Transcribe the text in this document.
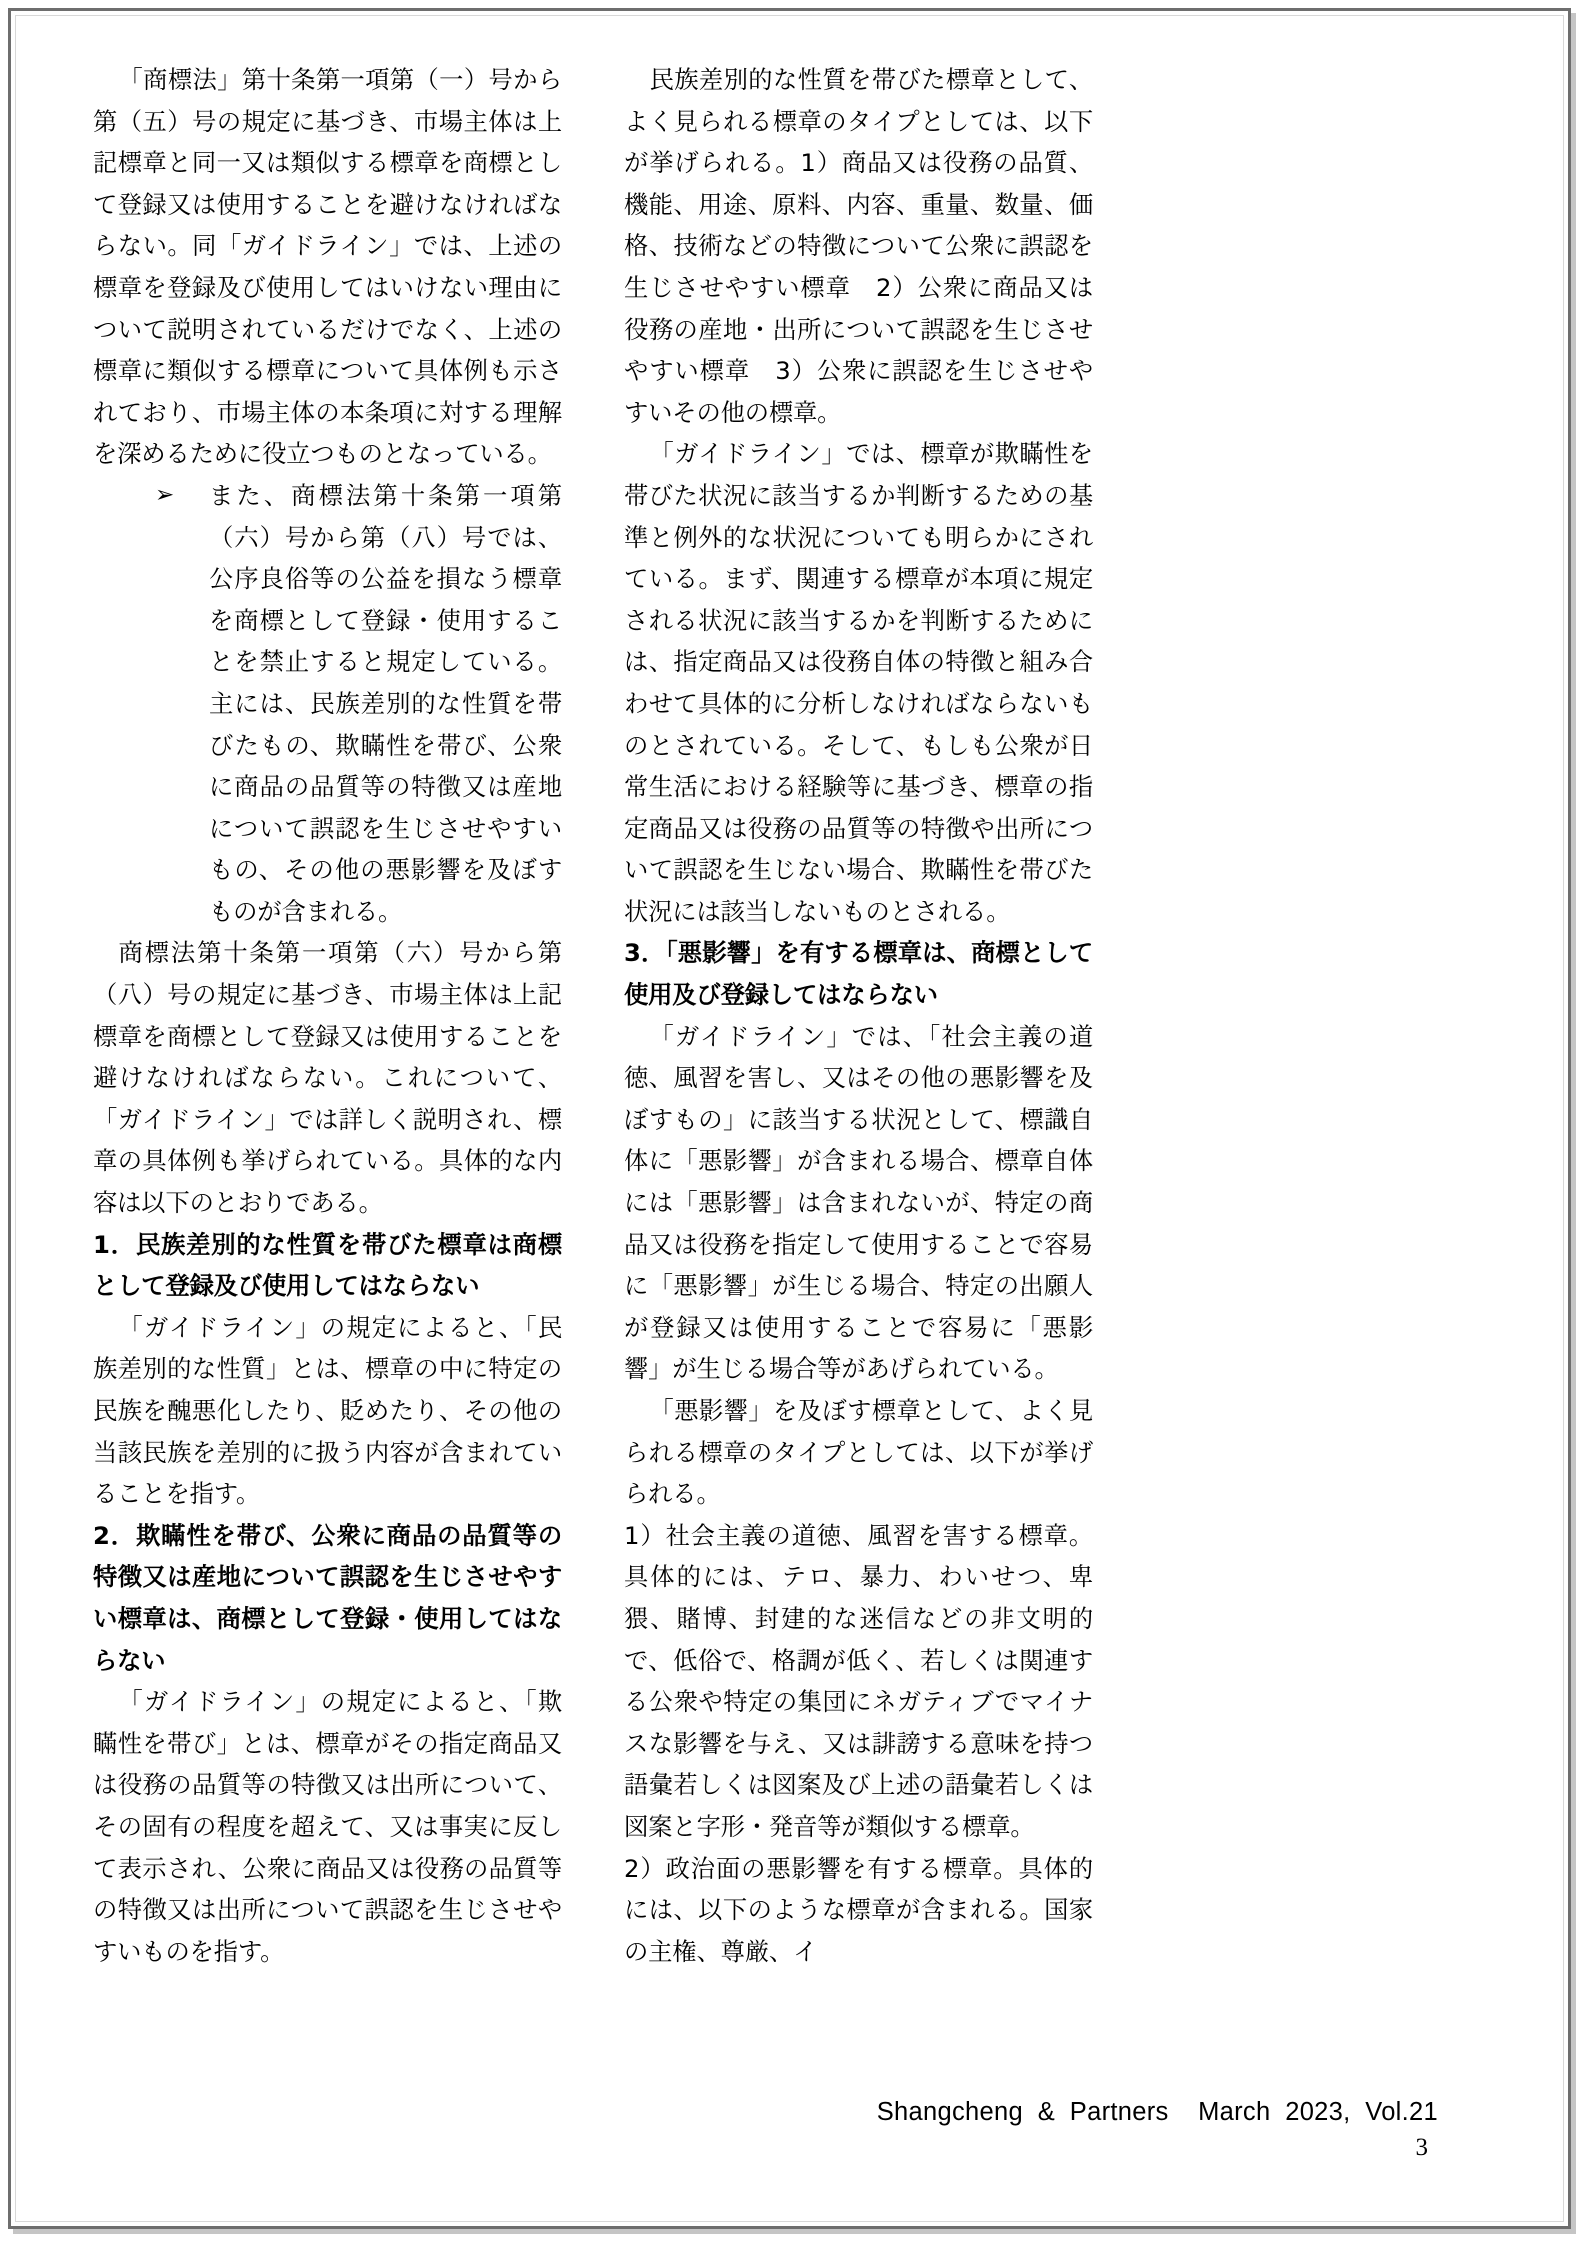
「商標法」第十条第一項第（一）号から第（五）号の規定に基づき、市場主体は上記標章と同一又は類似する標章を商標として登録又は使用することを避けなければならない。同「ガイドライン」では、上述の標章を登録及び使用してはいけない理由について説明されているだけでなく、上述の標章に類似する標章について具体例も示されており、市場主体の本条項に対する理解を深めるために役立つものとなっている。

➢	また、商標法第十条第一項第（六）号から第（八）号では、公序良俗等の公益を損なう標章を商標として登録・使用することを禁止すると規定している。主には、民族差別的な性質を帯びたもの、欺瞞性を帯び、公衆に商品の品質等の特徴又は産地について誤認を生じさせやすいもの、その他の悪影響を及ぼすものが含まれる。

商標法第十条第一項第（六）号から第（八）号の規定に基づき、市場主体は上記標章を商標として登録又は使用することを避けなければならない。これについて、「ガイドライン」では詳しく説明され、標章の具体例も挙げられている。具体的な内容は以下のとおりである。

1．民族差別的な性質を帯びた標章は商標として登録及び使用してはならない

「ガイドライン」の規定によると、「民族差別的な性質」とは、標章の中に特定の民族を醜悪化したり、貶めたり、その他の当該民族を差別的に扱う内容が含まれていることを指す。

2．欺瞞性を帯び、公衆に商品の品質等の特徴又は産地について誤認を生じさせやすい標章は、商標として登録・使用してはならない

「ガイドライン」の規定によると、「欺瞞性を帯び」とは、標章がその指定商品又は役務の品質等の特徴又は出所について、その固有の程度を超えて、又は事実に反して表示され、公衆に商品又は役務の品質等の特徴又は出所について誤認を生じさせやすいものを指す。

民族差別的な性質を帯びた標章として、よく見られる標章のタイプとしては、以下が挙げられる。1）商品又は役務の品質、機能、用途、原料、内容、重量、数量、価格、技術などの特徴について公衆に誤認を生じさせやすい標章　2）公衆に商品又は役務の産地・出所について誤認を生じさせやすい標章　3）公衆に誤認を生じさせやすいその他の標章。

「ガイドライン」では、標章が欺瞞性を帯びた状況に該当するか判断するための基準と例外的な状況についても明らかにされている。まず、関連する標章が本項に規定される状況に該当するかを判断するためには、指定商品又は役務自体の特徴と組み合わせて具体的に分析しなければならないものとされている。そして、もしも公衆が日常生活における経験等に基づき、標章の指定商品又は役務の品質等の特徴や出所について誤認を生じない場合、欺瞞性を帯びた状況には該当しないものとされる。

3．「悪影響」を有する標章は、商標として使用及び登録してはならない

「ガイドライン」では、「社会主義の道徳、風習を害し、又はその他の悪影響を及ぼすもの」に該当する状況として、標識自体に「悪影響」が含まれる場合、標章自体には「悪影響」は含まれないが、特定の商品又は役務を指定して使用することで容易に「悪影響」が生じる場合、特定の出願人が登録又は使用することで容易に「悪影響」が生じる場合等があげられている。

「悪影響」を及ぼす標章として、よく見られる標章のタイプとしては、以下が挙げられる。

1）社会主義の道徳、風習を害する標章。具体的には、テロ、暴力、わいせつ、卑猥、賭博、封建的な迷信などの非文明的で、低俗で、格調が低く、若しくは関連する公衆や特定の集団にネガティブでマイナスな影響を与え、又は誹謗する意味を持つ語彙若しくは図案及び上述の語彙若しくは図案と字形・発音等が類似する標章。

2）政治面の悪影響を有する標章。具体的には、以下のような標章が含まれる。国家の主権、尊厳、イ

Shangcheng  &  Partners    March  2023,  Vol.21
3
